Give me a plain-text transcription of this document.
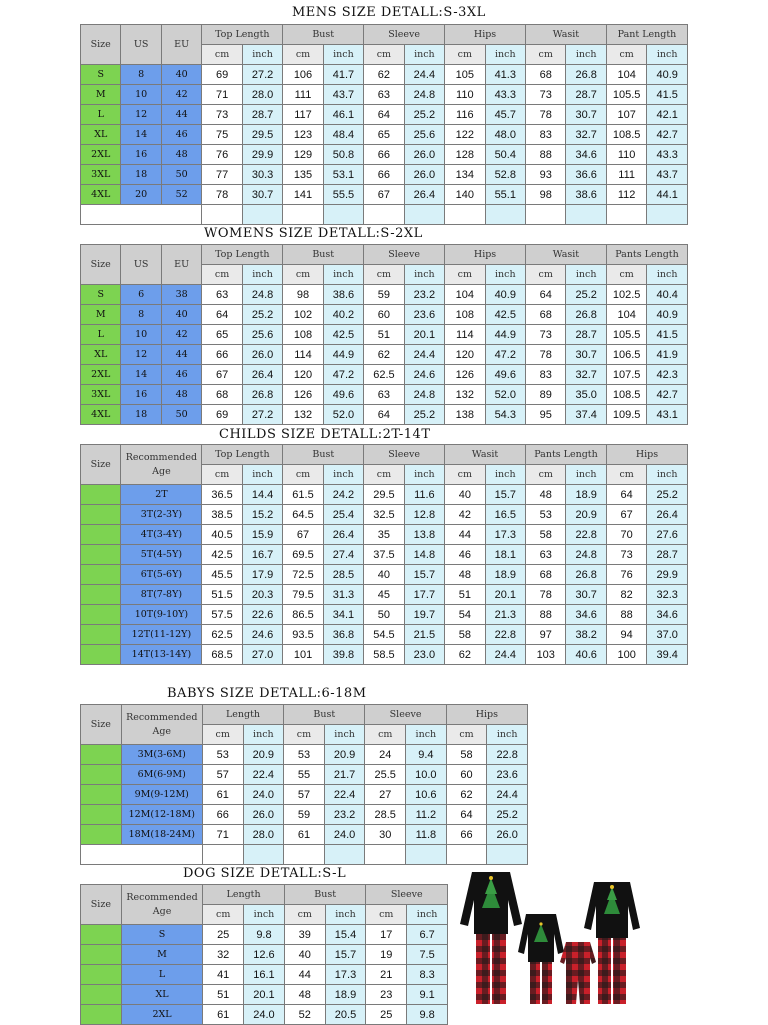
MENS SIZE DETALL:S-3XL
WOMENS SIZE DETALL:S-2XL
CHILDS SIZE DETALL:2T-14T
BABYS SIZE DETALL:6-18M
DOG SIZE DETALL:S-L
Size	US	EU	Top Length		Bust		Sleeve		Hips		Wasit		Pant Length	
			cm	inch	cm	inch	cm	inch	cm	inch	cm	inch	cm	inch
S	8	40	69	27.2	106	41.7	62	24.4	105	41.3	68	26.8	104	40.9
M	10	42	71	28.0	111	43.7	63	24.8	110	43.3	73	28.7	105.5	41.5
L	12	44	73	28.7	117	46.1	64	25.2	116	45.7	78	30.7	107	42.1
XL	14	46	75	29.5	123	48.4	65	25.6	122	48.0	83	32.7	108.5	42.7
2XL	16	48	76	29.9	129	50.8	66	26.0	128	50.4	88	34.6	110	43.3
3XL	18	50	77	30.3	135	53.1	66	26.0	134	52.8	93	36.6	111	43.7
4XL	20	52	78	30.7	141	55.5	67	26.4	140	55.1	98	38.6	112	44.1

Size	US	EU	Top Length		Bust		Sleeve		Hips		Wasit		Pants Length	
			cm	inch	cm	inch	cm	inch	cm	inch	cm	inch	cm	inch
S	6	38	63	24.8	98	38.6	59	23.2	104	40.9	64	25.2	102.5	40.4
M	8	40	64	25.2	102	40.2	60	23.6	108	42.5	68	26.8	104	40.9
L	10	42	65	25.6	108	42.5	51	20.1	114	44.9	73	28.7	105.5	41.5
XL	12	44	66	26.0	114	44.9	62	24.4	120	47.2	78	30.7	106.5	41.9
2XL	14	46	67	26.4	120	47.2	62.5	24.6	126	49.6	83	32.7	107.5	42.3
3XL	16	48	68	26.8	126	49.6	63	24.8	132	52.0	89	35.0	108.5	42.7
4XL	18	50	69	27.2	132	52.0	64	25.2	138	54.3	95	37.4	109.5	43.1
Size	Recommended Age	Top Length		Bust		Sleeve		Wasit		Pants Length		Hips	
		cm	inch	cm	inch	cm	inch	cm	inch	cm	inch	cm	inch
	2T	36.5	14.4	61.5	24.2	29.5	11.6	40	15.7	48	18.9	64	25.2
	3T(2-3Y)	38.5	15.2	64.5	25.4	32.5	12.8	42	16.5	53	20.9	67	26.4
	4T(3-4Y)	40.5	15.9	67	26.4	35	13.8	44	17.3	58	22.8	70	27.6
	5T(4-5Y)	42.5	16.7	69.5	27.4	37.5	14.8	46	18.1	63	24.8	73	28.7
	6T(5-6Y)	45.5	17.9	72.5	28.5	40	15.7	48	18.9	68	26.8	76	29.9
	8T(7-8Y)	51.5	20.3	79.5	31.3	45	17.7	51	20.1	78	30.7	82	32.3
	10T(9-10Y)	57.5	22.6	86.5	34.1	50	19.7	54	21.3	88	34.6	88	34.6
	12T(11-12Y)	62.5	24.6	93.5	36.8	54.5	21.5	58	22.8	97	38.2	94	37.0
	14T(13-14Y)	68.5	27.0	101	39.8	58.5	23.0	62	24.4	103	40.6	100	39.4
Size	Recommended Age	Length		Bust		Sleeve		Hips	
		cm	inch	cm	inch	cm	inch	cm	inch
	3M(3-6M)	53	20.9	53	20.9	24	9.4	58	22.8
	6M(6-9M)	57	22.4	55	21.7	25.5	10.0	60	23.6
	9M(9-12M)	61	24.0	57	22.4	27	10.6	62	24.4
	12M(12-18M)	66	26.0	59	23.2	28.5	11.2	64	25.2
	18M(18-24M)	71	28.0	61	24.0	30	11.8	66	26.0

Size	Recommended Age	Length		Bust		Sleeve	
		cm	inch	cm	inch	cm	inch
	S	25	9.8	39	15.4	17	6.7
	M	32	12.6	40	15.7	19	7.5
	L	41	16.1	44	17.3	21	8.3
	XL	51	20.1	48	18.9	23	9.1
	2XL	61	24.0	52	20.5	25	9.8
